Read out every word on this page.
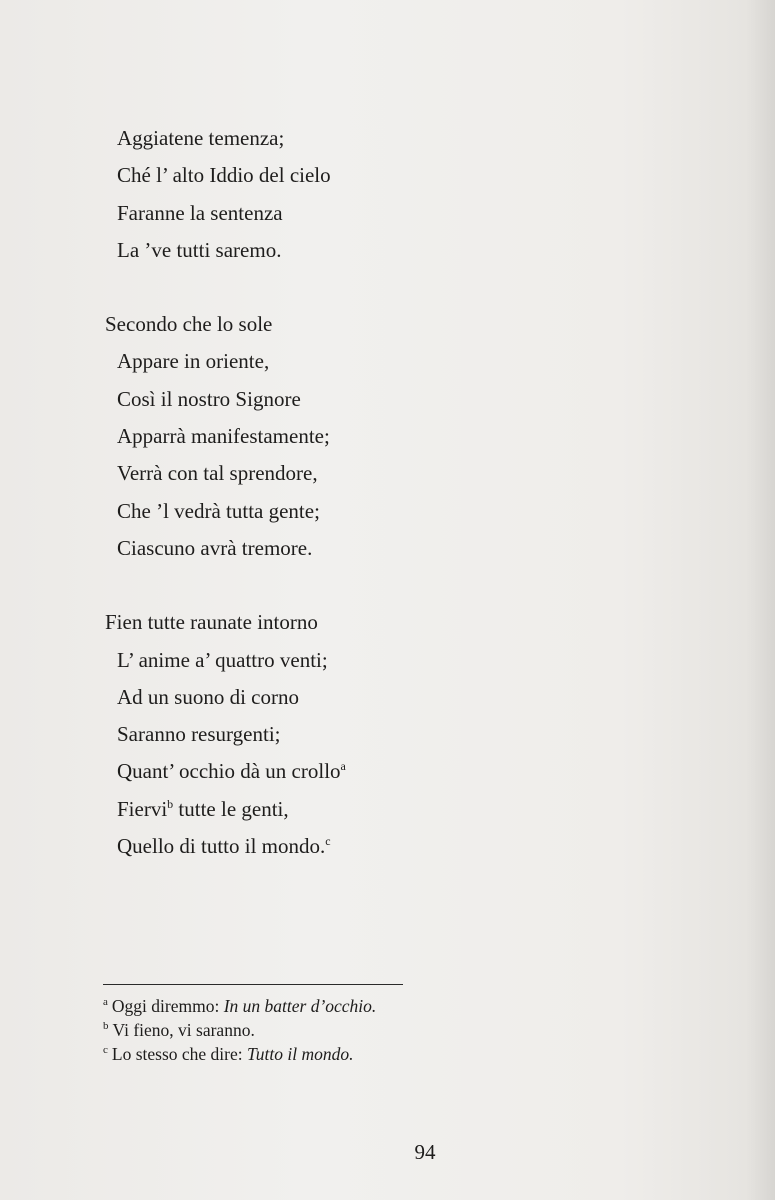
Aggiatene temenza;
Ché l’ alto Iddio del cielo
Faranne la sentenza
La ’ve tutti saremo.
Secondo che lo sole
Appare in oriente,
Così il nostro Signore
Apparrà manifestamente;
Verrà con tal sprendore,
Che ’l vedrà tutta gente;
Ciascuno avrà tremore.
Fien tutte raunate intorno
L’ anime a’ quattro venti;
Ad un suono di corno
Saranno resurgenti;
Quant’ occhio dà un crollo$^a$
Fiervi$^b$ tutte le genti,
Quello di tutto il mondo.$^c$
$^a$ Oggi diremmo: In un batter d’occhio.
$^b$ Vi fieno, vi saranno.
$^c$ Lo stesso che dire: Tutto il mondo.
94
